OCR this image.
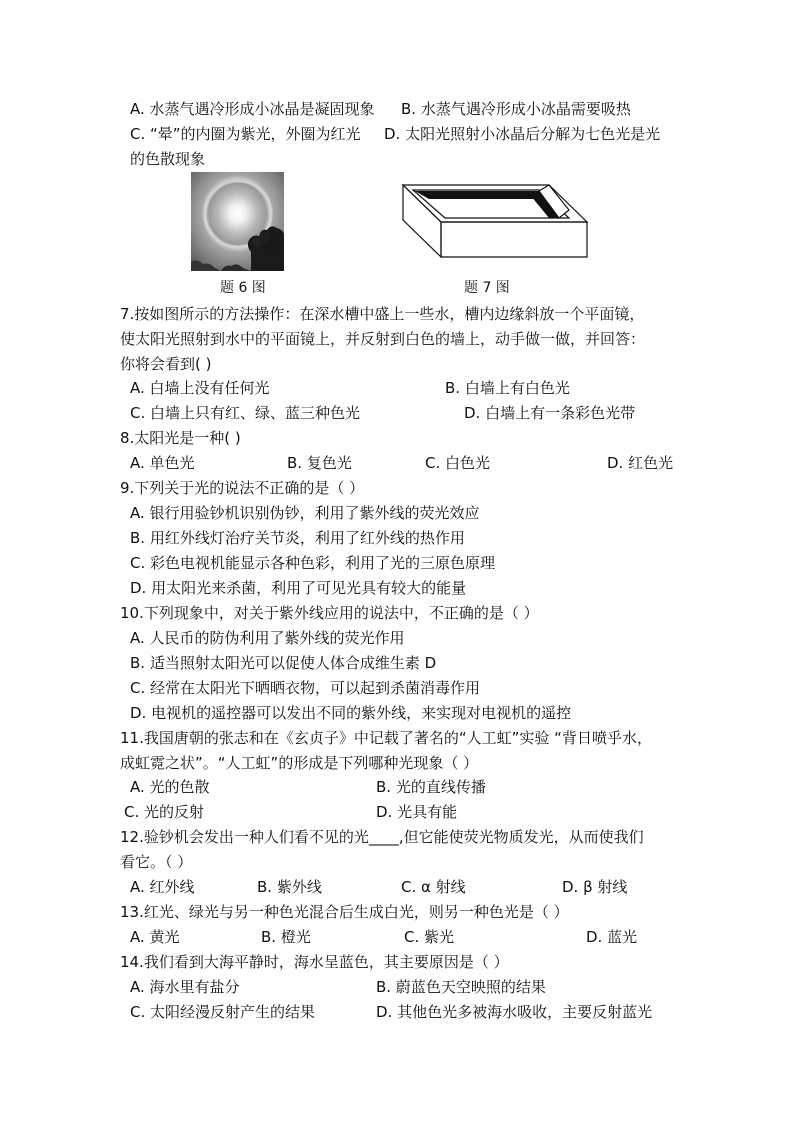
A. 水蒸气遇冷形成小冰晶是凝固现象 B. 水蒸气遇冷形成小冰晶需要吸热
C. “晕”的内圈为紫光，外圈为红光 D. 太阳光照射小冰晶后分解为七色光是光
的色散现象
题 6 图	题 7 图
7.按如图所示的方法操作：在深水槽中盛上一些水，槽内边缘斜放一个平面镜，
使太阳光照射到水中的平面镜上，并反射到白色的墙上，动手做一做，并回答：
你将会看到( )
A. 白墙上没有任何光	B. 白墙上有白色光
C. 白墙上只有红、绿、蓝三种色光	D. 白墙上有一条彩色光带
8.太阳光是一种( )
A. 单色光	B. 复色光	C. 白色光	D. 红色光
9.下列关于光的说法不正确的是（ ）
A. 银行用验钞机识别伪钞，利用了紫外线的荧光效应
B. 用红外线灯治疗关节炎，利用了红外线的热作用
C. 彩色电视机能显示各种色彩，利用了光的三原色原理
D. 用太阳光来杀菌，利用了可见光具有较大的能量
10.下列现象中，对关于紫外线应用的说法中，不正确的是（ ）
A. 人民币的防伪利用了紫外线的荧光作用
B. 适当照射太阳光可以促使人体合成维生素 D
C. 经常在太阳光下晒晒衣物，可以起到杀菌消毒作用
D. 电视机的遥控器可以发出不同的紫外线，来实现对电视机的遥控
11.我国唐朝的张志和在《玄贞子》中记载了著名的“人工虹”实验 “背日喷乎水，
成虹霓之状”。“人工虹”的形成是下列哪种光现象（ ）
A. 光的色散	B. 光的直线传播
C. 光的反射	D. 光具有能
12.验钞机会发出一种人们看不见的光____,但它能使荧光物质发光，从而使我们
看它。（ ）
A. 红外线	B. 紫外线	C. α 射线	D. β 射线
13.红光、绿光与另一种色光混合后生成白光，则另一种色光是（ ）
A. 黄光	B. 橙光	C. 紫光	D. 蓝光
14.我们看到大海平静时，海水呈蓝色，其主要原因是（ ）
A. 海水里有盐分	B. 蔚蓝色天空映照的结果
C. 太阳经漫反射产生的结果	D. 其他色光多被海水吸收，主要反射蓝光
